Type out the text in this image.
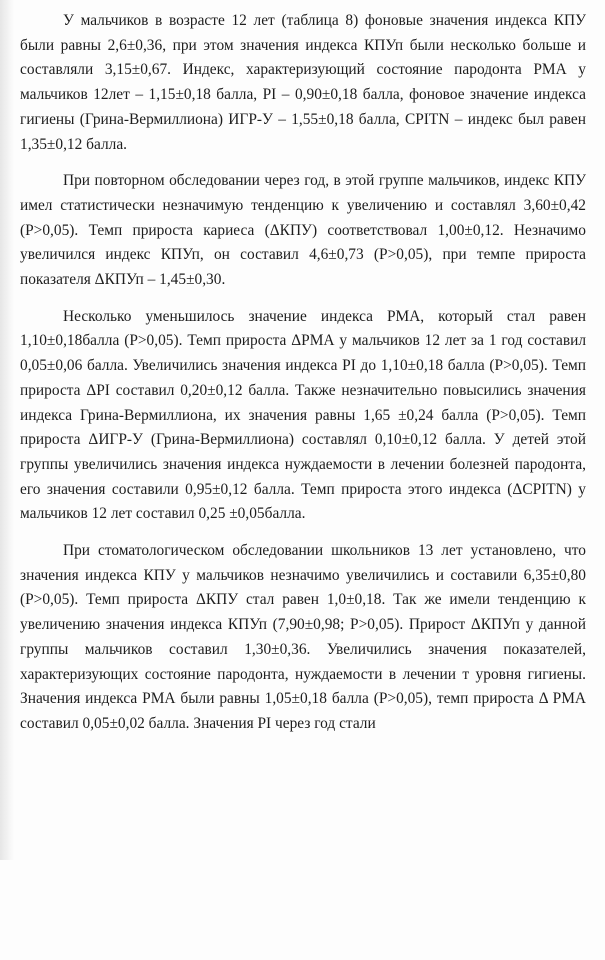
У мальчиков в возрасте 12 лет (таблица 8) фоновые значения индекса КПУ были равны 2,6±0,36, при этом значения индекса КПУп были несколько больше и составляли 3,15±0,67. Индекс, характеризующий состояние пародонта РМА у мальчиков 12лет – 1,15±0,18 балла, PI – 0,90±0,18 балла, фоновое значение индекса гигиены (Грина-Вермиллиона) ИГР-У – 1,55±0,18 балла, CPITN – индекс был равен 1,35±0,12 балла.

При повторном обследовании через год, в этой группе мальчиков, индекс КПУ имел статистически незначимую тенденцию к увеличению и составлял 3,60±0,42 (Р>0,05). Темп прироста кариеса (ΔКПУ) соответствовал 1,00±0,12. Незначимо увеличился индекс КПУп, он составил 4,6±0,73 (Р>0,05), при темпе прироста показателя ΔКПУп – 1,45±0,30.

Несколько уменьшилось значение индекса РМА, который стал равен 1,10±0,18балла (Р>0,05). Темп прироста ΔРМА у мальчиков 12 лет за 1 год составил 0,05±0,06 балла. Увеличились значения индекса PI до 1,10±0,18 балла (Р>0,05). Темп прироста ΔPI составил 0,20±0,12 балла. Также незначительно повысились значения индекса Грина-Вермиллиона, их значения равны 1,65 ±0,24 балла (Р>0,05). Темп прироста ΔИГР-У (Грина-Вермиллиона) составлял 0,10±0,12 балла. У детей этой группы увеличились значения индекса нуждаемости в лечении болезней пародонта, его значения составили 0,95±0,12 балла. Темп прироста этого индекса (ΔCPITN) у мальчиков 12 лет составил 0,25 ±0,05балла.

При стоматологическом обследовании школьников 13 лет установлено, что значения индекса КПУ у мальчиков незначимо увеличились и составили 6,35±0,80 (Р>0,05). Темп прироста ΔКПУ стал равен 1,0±0,18. Так же имели тенденцию к увеличению значения индекса КПУп (7,90±0,98; Р>0,05). Прирост ΔКПУп у данной группы мальчиков составил 1,30±0,36. Увеличились значения показателей, характеризующих состояние пародонта, нуждаемости в лечении т уровня гигиены. Значения индекса РМА были равны 1,05±0,18 балла (Р>0,05), темп прироста Δ РМА составил 0,05±0,02 балла. Значения PI через год стали
